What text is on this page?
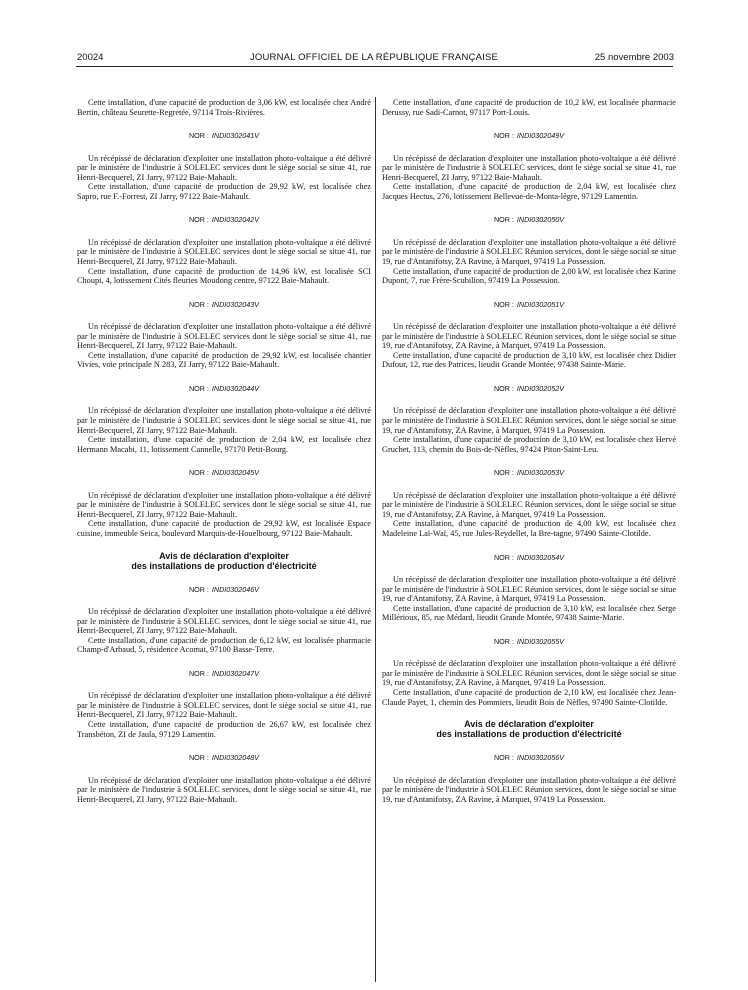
20024	JOURNAL OFFICIEL DE LA RÉPUBLIQUE FRANÇAISE	25 novembre 2003

Cette installation, d'une capacité de production de 3,06 kW, est localisée chez André Bertin, château Seurette-Regretée, 97114 Trois-Rivières.

NOR : INDI0302041V

Un récépissé de déclaration d'exploiter une installation photo-voltaïque a été délivré par le ministère de l'industrie à SOLELEC services dont le siège social se situe 41, rue Henri-Becquerel, ZI Jarry, 97122 Baie-Mahault.

Cette installation, d'une capacité de production de 29,92 kW, est localisée chez Sapro, rue F.-Forrest, ZI Jarry, 97122 Baie-Mahault.

NOR : INDI0302042V

Un récépissé de déclaration d'exploiter une installation photo-voltaïque a été délivré par le ministère de l'industrie à SOLELEC services dont le siège social se situe 41, rue Henri-Becquerel, ZI Jarry, 97122 Baie-Mahault.

Cette installation, d'une capacité de production de 14,96 kW, est localisée SCI Choupi, 4, lotissement Cités fleuries Moudong centre, 97122 Baie-Mahault.

NOR : INDI0302043V

Un récépissé de déclaration d'exploiter une installation photo-voltaïque a été délivré par le ministère de l'industrie à SOLELEC services dont le siège social se situe 41, rue Henri-Becquerel, ZI Jarry, 97122 Baie-Mahault.

Cette installation, d'une capacité de production de 29,92 kW, est localisée chantier Vivies, voie principale N 283, ZI Jarry, 97122 Baie-Mahault.

NOR : INDI0302044V

Un récépissé de déclaration d'exploiter une installation photo-voltaïque a été délivré par le ministère de l'industrie à SOLELEC services dont le siège social se situe 41, rue Henri-Becquerel, ZI Jarry, 97122 Baie-Mahault.

Cette installation, d'une capacité de production de 2,04 kW, est localisée chez Hermann Macabi, 11, lotissement Cannelle, 97170 Petit-Bourg.

NOR : INDI0302045V

Un récépissé de déclaration d'exploiter une installation photo-voltaïque a été délivré par le ministère de l'industrie à SOLELEC services dont le siège social se situe 41, rue Henri-Becquerel, ZI Jarry, 97122 Baie-Mahault.

Cette installation, d'une capacité de production de 29,92 kW, est localisée Espace cuisine, immeuble Seica, boulevard Marquis-de-Houelbourg, 97122 Baie-Mahault.

Avis de déclaration d'exploiter
des installations de production d'électricité
NOR : INDI0302046V

Un récépissé de déclaration d'exploiter une installation photo-voltaïque a été délivré par le ministère de l'industrie à SOLELEC services, dont le siège social se situe 41, rue Henri-Becquerel, ZI Jarry, 97122 Baie-Mahault.

Cette installation, d'une capacité de production de 6,12 kW, est localisée pharmacie Champ-d'Arbaud, 5, résidence Acomat, 97100 Basse-Terre.

NOR : INDI0302047V

Un récépissé de déclaration d'exploiter une installation photo-voltaïque a été délivré par le ministère de l'industrie à SOLELEC services, dont le siège social se situe 41, rue Henri-Becquerel, ZI Jarry, 97122 Baie-Mahault.

Cette installation, d'une capacité de production de 26,67 kW, est localisée chez Transbéton, ZI de Jaula, 97129 Lamentin.

NOR : INDI0302048V

Un récépissé de déclaration d'exploiter une installation photo-voltaïque a été délivré par le ministère de l'industrie à SOLELEC services, dont le siège social se situe 41, rue Henri-Becquerel, ZI Jarry, 97122 Baie-Mahault.

Cette installation, d'une capacité de production de 10,2 kW, est localisée pharmacie Derussy, rue Sadi-Carnot, 97117 Port-Louis.

NOR : INDI0302049V

Un récépissé de déclaration d'exploiter une installation photo-voltaïque a été délivré par le ministère de l'industrie à SOLELEC services, dont le siège social se situe 41, rue Henri-Becquerel, ZI Jarry, 97122 Baie-Mahault.

Cette installation, d'une capacité de production de 2,04 kW, est localisée chez Jacques Hectus, 276, lotissement Bellevue-de-Monta-lègre, 97129 Lamentin.

NOR : INDI0302050V

Un récépissé de déclaration d'exploiter une installation photo-voltaïque a été délivré par le ministère de l'industrie à SOLELEC Réunion services, dont le siège social se situe 19, rue d'Antanifotsy, ZA Ravine, à Marquet, 97419 La Possession.

Cette installation, d'une capacité de production de 2,00 kW, est localisée chez Karine Dupont, 7, rue Frère-Scubilion, 97419 La Possession.

NOR : INDI0302051V

Un récépissé de déclaration d'exploiter une installation photo-voltaïque a été délivré par le ministère de l'industrie à SOLELEC Réunion services, dont le siège social se situe 19, rue d'Antanifotsy, ZA Ravine, à Marquet, 97419 La Possession.

Cette installation, d'une capacité de production de 3,10 kW, est localisée chez Didier Dufour, 12, rue des Patrices, lieudit Grande Montée, 97438 Sainte-Marie.

NOR : INDI0302052V

Un récépissé de déclaration d'exploiter une installation photo-voltaïque a été délivré par le ministère de l'industrie à SOLELEC Réunion services, dont le siège social se situe 19, rue d'Antanifotsy, ZA Ravine, à Marquet, 97419 La Possession.

Cette installation, d'une capacité de production de 3,10 kW, est localisée chez Hervé Gruchet, 113, chemin du Bois-de-Nèfles, 97424 Piton-Saint-Leu.

NOR : INDI0302053V

Un récépissé de déclaration d'exploiter une installation photo-voltaïque a été délivré par le ministère de l'industrie à SOLELEC Réunion services, dont le siège social se situe 19, rue d'Antanifotsy, ZA Ravine, à Marquet, 97419 La Possession.

Cette installation, d'une capacité de production de 4,00 kW, est localisée chez Madeleine Laï-Waï, 45, rue Jules-Reydellet, la Bre-tagne, 97490 Sainte-Clotilde.

NOR : INDI0302054V

Un récépissé de déclaration d'exploiter une installation photo-voltaïque a été délivré par le ministère de l'industrie à SOLELEC Réunion services, dont le siège social se situe 19, rue d'Antanifotsy, ZA Ravine, à Marquet, 97419 La Possession.

Cette installation, d'une capacité de production de 3,10 kW, est localisée chez Serge Millérioux, 85, rue Médard, lieudit Grande Montée, 97438 Sainte-Marie.

NOR : INDI0302055V

Un récépissé de déclaration d'exploiter une installation photo-voltaïque a été délivré par le ministère de l'industrie à SOLELEC Réunion services, dont le siège social se situe 19, rue d'Antanifotsy, ZA Ravine, à Marquet, 97419 La Possession.

Cette installation, d'une capacité de production de 2,10 kW, est localisée chez Jean-Claude Payet, 1, chemin des Pommiers, lieudit Bois de Nèfles, 97490 Sainte-Clotilde.

Avis de déclaration d'exploiter
des installations de production d'électricité
NOR : INDI0302056V

Un récépissé de déclaration d'exploiter une installation photo-voltaïque a été délivré par le ministère de l'industrie à SOLELEC Réunion services, dont le siège social se situe 19, rue d'Antanifotsy, ZA Ravine, à Marquet, 97419 La Possession.
